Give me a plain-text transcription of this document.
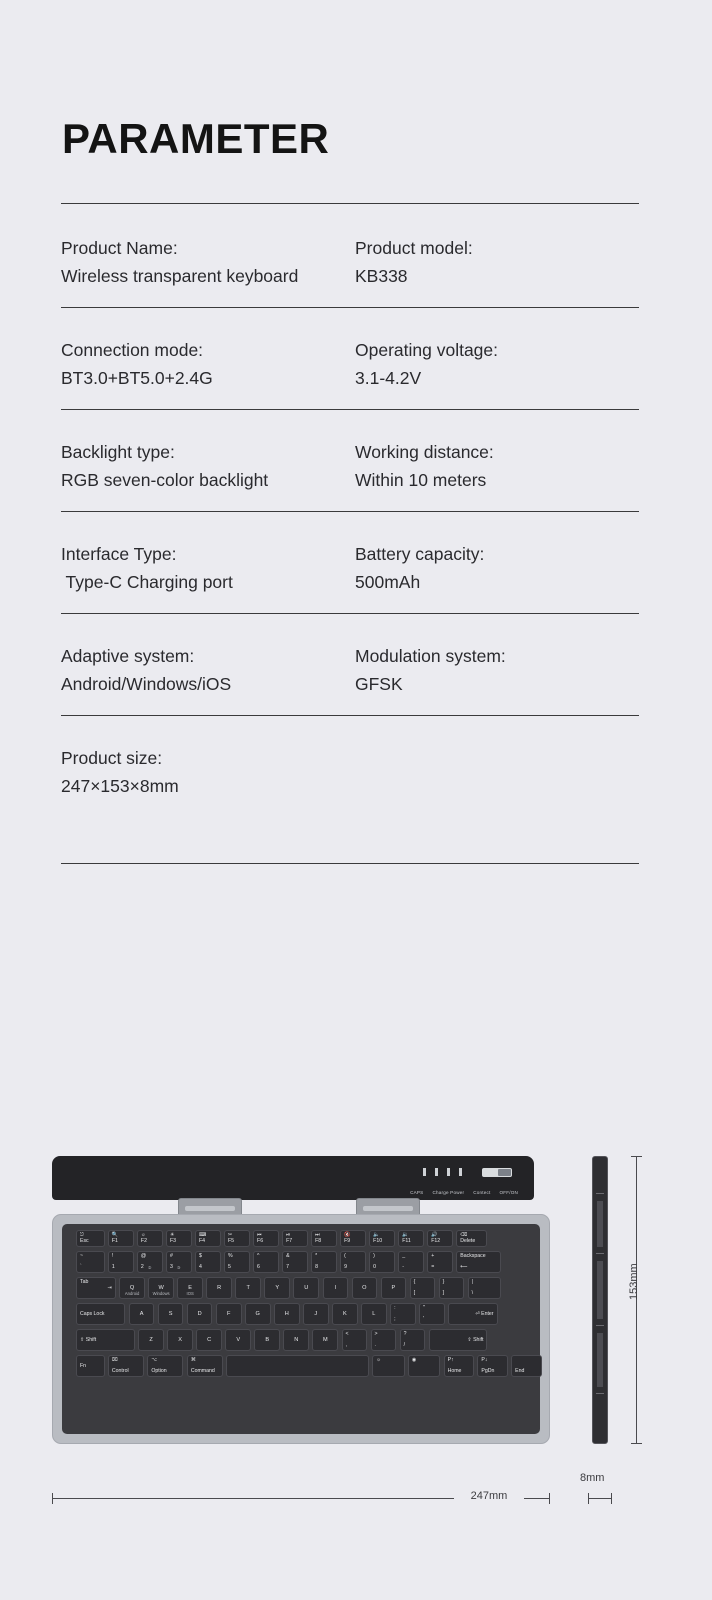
PARAMETER
Product Name:
Wireless transparent keyboard
Product model:
KB338
Connection mode:
BT3.0+BT5.0+2.4G
Operating voltage:
3.1-4.2V
Backlight type:
RGB seven-color backlight
Working distance:
Within 10 meters
Interface Type:
Type-C Charging port
Battery capacity:
500mAh
Adaptive system:
Android/Windows/iOS
Modulation system:
GFSK
Product size:
247×153×8mm
CAPS Charge Power Contect OFF/ON
⎋
Esc
🔍
F1
☼
F2
☀
F3
⌨
F4
✂
F5
⏮
F6
⏯
F7
⏭
F8
🔇
F9
🔈
F10
🔉
F11
🔊
F12
⌫
Delete
~
`
!
1
@
2 ②
#
3 ③
$
4
%
5
^
6
&
7
*
8
(
9
)
0
_
-
+
=
Backspace
⟵
Tab
⇥	Q
Android
W
Windows
E
IOS
R	T	Y	U	I	O	P
{
[
}
]
|
\
Caps Lock	A	S	D	F	G	H	J	K	L
:
;
"
'
⏎ Enter
⇧ Shift	Z	X	C	V	B	N	M
<
,
>
.
?
/
⇧ Shift
Fn
⌧
Control
⌥
Option
⌘
Command
☼	◉	P↑
Home
P↓
PgDn	End
153mm
247mm
8mm
